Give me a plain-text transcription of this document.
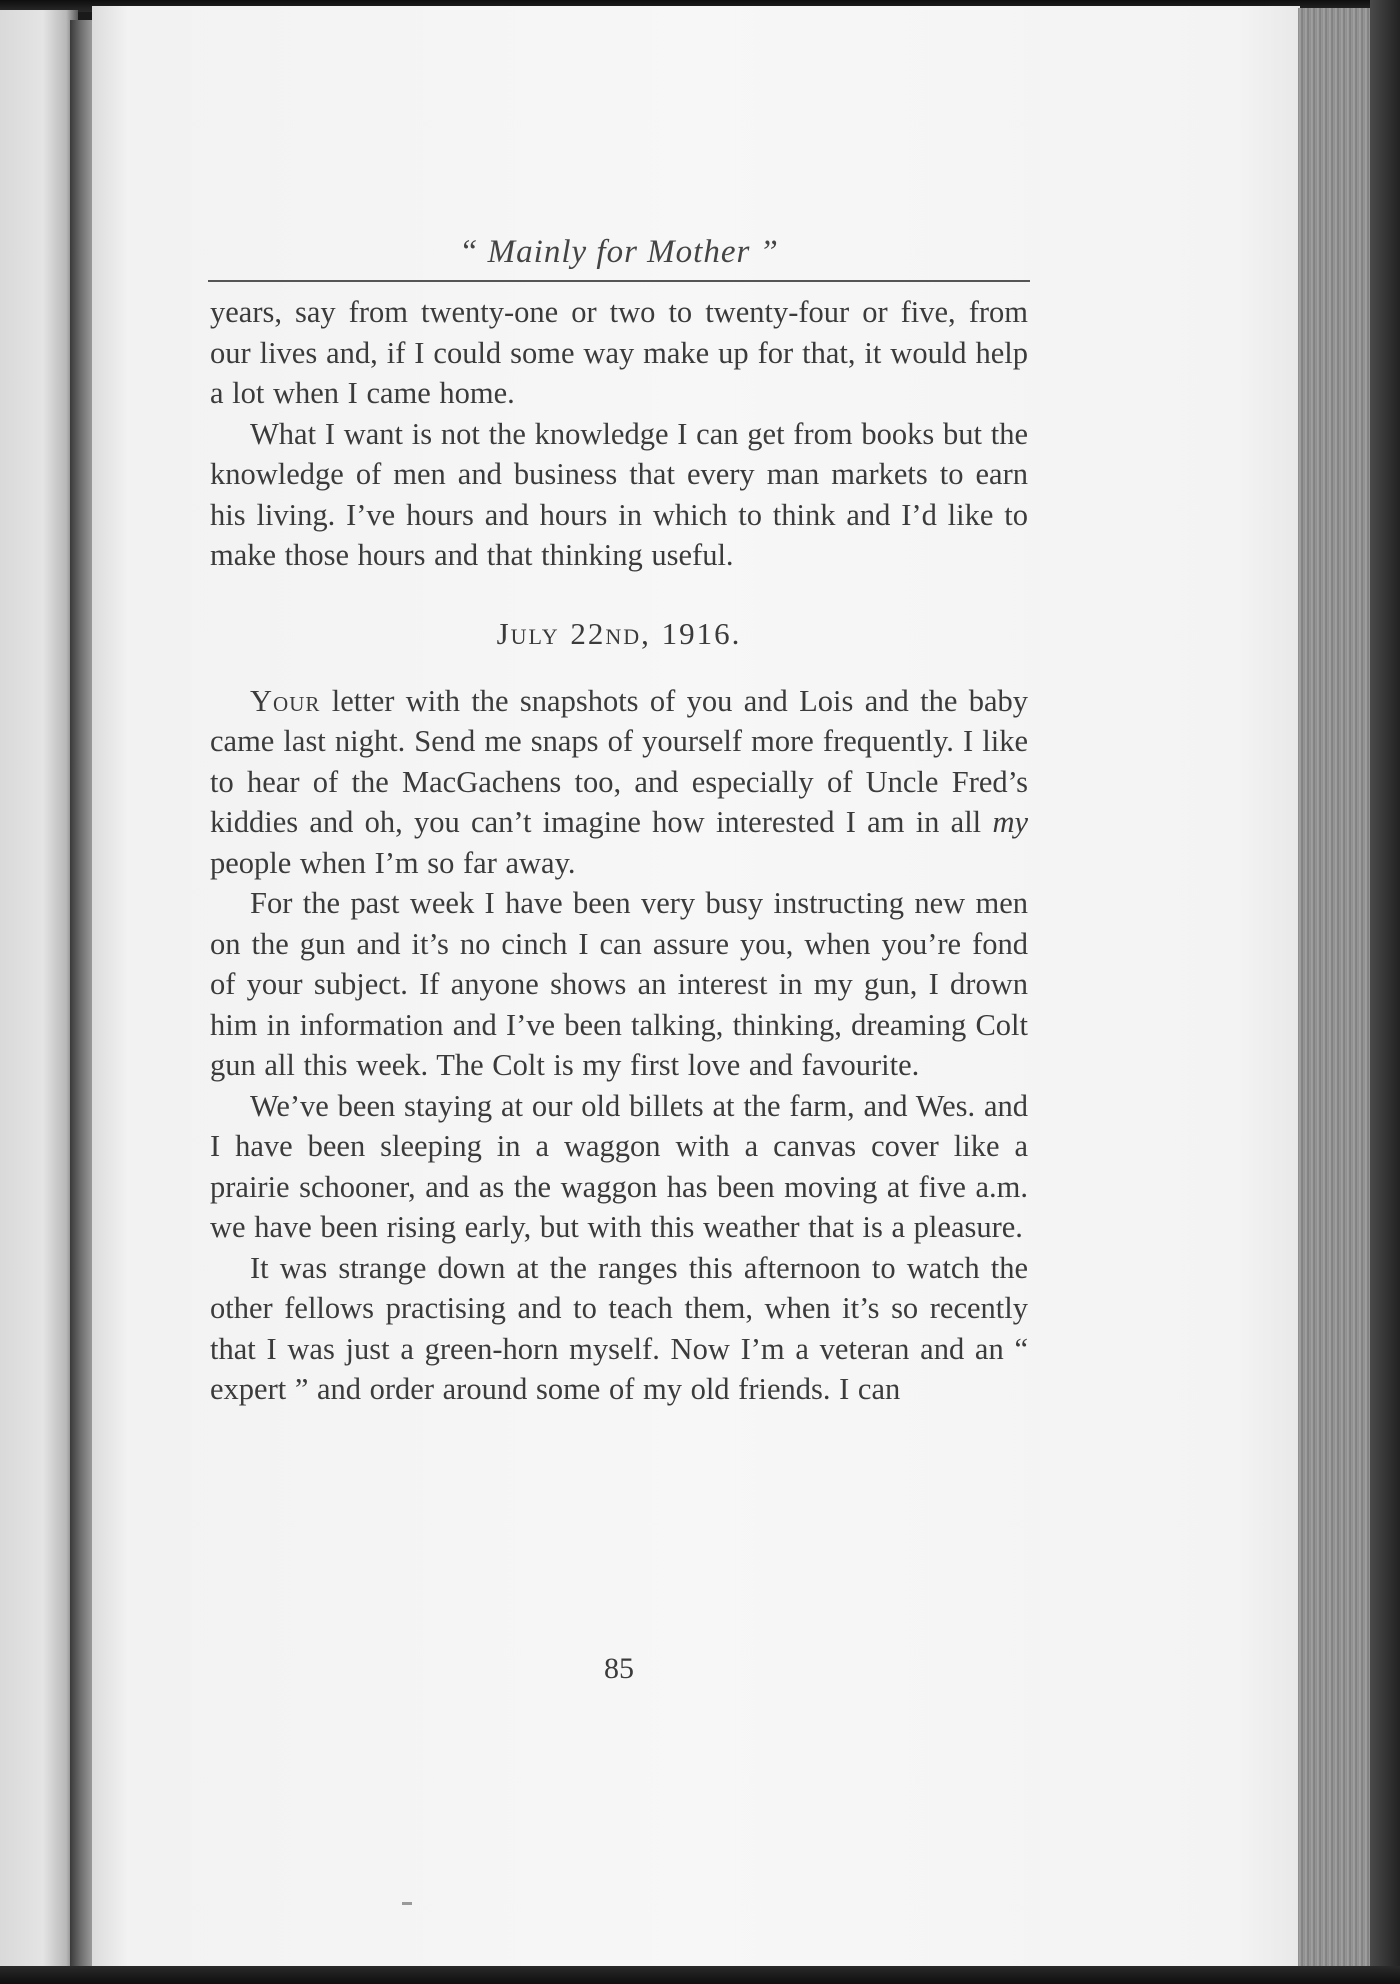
“ Mainly for Mother ”

years, say from twenty-one or two to twenty-four or five, from our lives and, if I could some way make up for that, it would help a lot when I came home.

What I want is not the knowledge I can get from books but the knowledge of men and business that every man markets to earn his living. I’ve hours and hours in which to think and I’d like to make those hours and that thinking useful.

July 22nd, 1916.

Your letter with the snapshots of you and Lois and the baby came last night. Send me snaps of yourself more frequently. I like to hear of the MacGachens too, and especially of Uncle Fred’s kiddies and oh, you can’t imagine how interested I am in all my people when I’m so far away.

For the past week I have been very busy instructing new men on the gun and it’s no cinch I can assure you, when you’re fond of your subject. If anyone shows an interest in my gun, I drown him in information and I’ve been talking, thinking, dreaming Colt gun all this week. The Colt is my first love and favourite.

We’ve been staying at our old billets at the farm, and Wes. and I have been sleeping in a waggon with a canvas cover like a prairie schooner, and as the waggon has been moving at five a.m. we have been rising early, but with this weather that is a pleasure.

It was strange down at the ranges this afternoon to watch the other fellows practising and to teach them, when it’s so recently that I was just a green-horn myself. Now I’m a veteran and an “ expert ” and order around some of my old friends. I can

85
